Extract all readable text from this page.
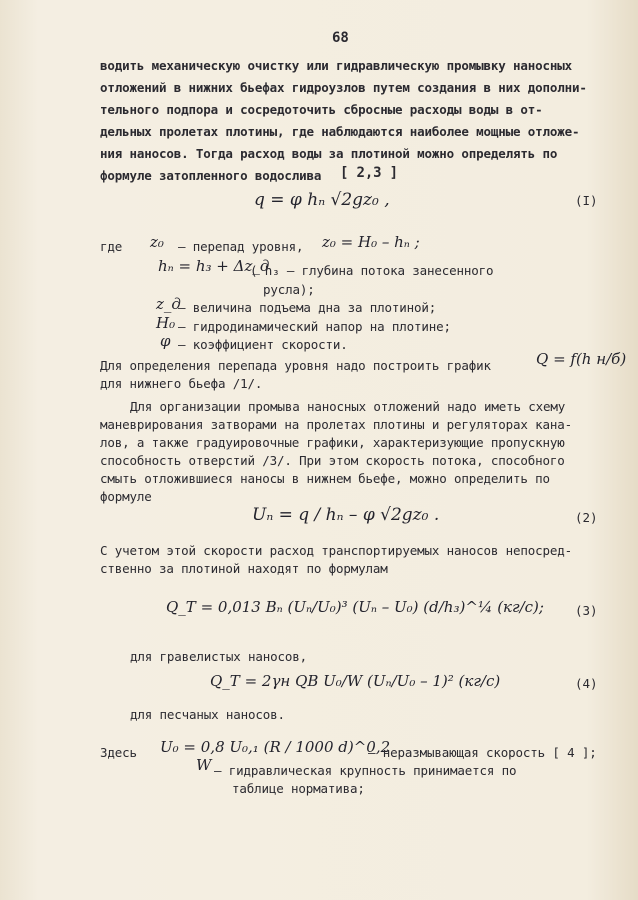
68
водить механическую очистку или гидравлическую промывку наносных
отложений в нижних бьефах гидроузлов путем создания в них дополни-
тельного подпора и сосредоточить сбросные расходы воды в от-
дельных пролетах плотины, где наблюдаются наиболее мощные отложе-
ния наносов. Тогда расход воды за плотиной можно определять по
формуле затопленного водослива [ 2,3 ]
q = φ hₙ √2gz₀ ,	(I)
где z₀ – перепад уровня, z₀ = H₀ – hₙ ;
hₙ = h₃ + Δz_д
( h₃ – глубина потока занесенного
русла);
z_д
– величина подъема дна за плотиной;
H₀ – гидродинамический напор на плотине;
φ – коэффициент скорости.
Для определения перепада уровня надо построить график	Q = f(h н/б)
для нижнего бьефа /1/.
Для организации промыва наносных отложений надо иметь схему
маневрирования затворами на пролетах плотины и регуляторах кана-
лов, а также градуировочные графики, характеризующие пропускную
способность отверстий /3/. При этом скорость потока, способного
смыть отложившиеся наносы в нижнем бьефе, можно определить по
формуле
Uₙ = q / hₙ – φ √2gz₀ .	(2)
С учетом этой скорости расход транспортируемых наносов непосред-
ственно за плотиной находят по формулам
Q_T = 0,013 Bₙ (Uₙ/U₀)³ (Uₙ – U₀) (d/h₃)^¼ (кг/с); (3)
для гравелистых наносов,
Q_T = 2γн QB U₀/W (Uₙ/U₀ – 1)² (кг/с)	(4)
для песчаных наносов.
Здесь U₀ = 0,8 U₀,₁ (R / 1000 d)^0,2
– неразмывающая скорость [ 4 ];
W – гидравлическая крупность принимается по
таблице норматива;
